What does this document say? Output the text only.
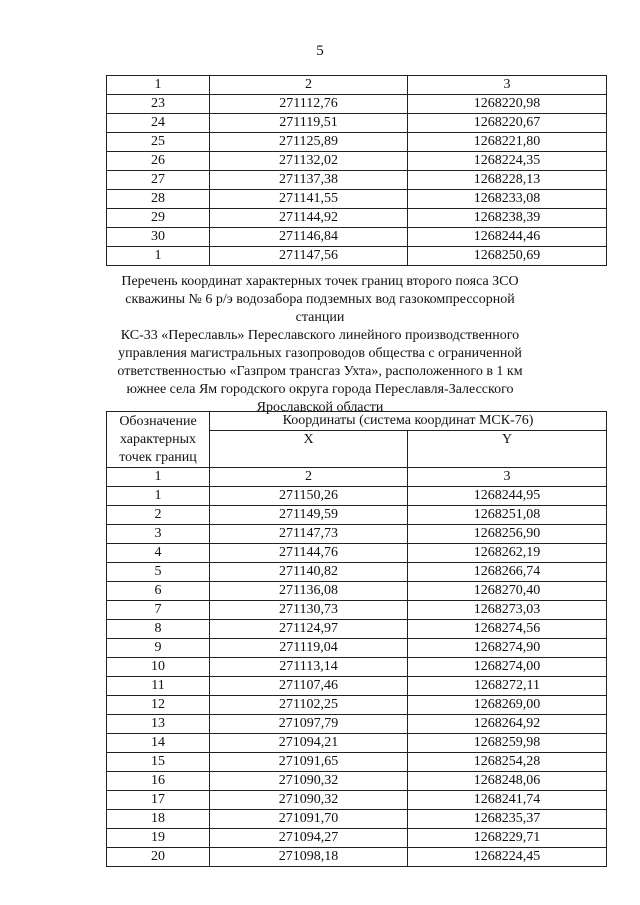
5
1	2	3
23	271112,76	1268220,98
24	271119,51	1268220,67
25	271125,89	1268221,80
26	271132,02	1268224,35
27	271137,38	1268228,13
28	271141,55	1268233,08
29	271144,92	1268238,39
30	271146,84	1268244,46
1	271147,56	1268250,69
Перечень координат характерных точек границ второго пояса ЗСО
скважины № 6 р/э водозабора подземных вод газокомпрессорной станции
КС-33 «Переславль» Переславского линейного производственного
управления магистральных газопроводов общества с ограниченной
ответственностью «Газпром трансгаз Ухта», расположенного в 1 км
южнее села Ям городского округа города Переславля-Залесского
Ярославской области
Обозначение характерных точек границ	Координаты (система координат МСК-76)	
	X	Y
1	2	3
1	271150,26	1268244,95
2	271149,59	1268251,08
3	271147,73	1268256,90
4	271144,76	1268262,19
5	271140,82	1268266,74
6	271136,08	1268270,40
7	271130,73	1268273,03
8	271124,97	1268274,56
9	271119,04	1268274,90
10	271113,14	1268274,00
11	271107,46	1268272,11
12	271102,25	1268269,00
13	271097,79	1268264,92
14	271094,21	1268259,98
15	271091,65	1268254,28
16	271090,32	1268248,06
17	271090,32	1268241,74
18	271091,70	1268235,37
19	271094,27	1268229,71
20	271098,18	1268224,45
